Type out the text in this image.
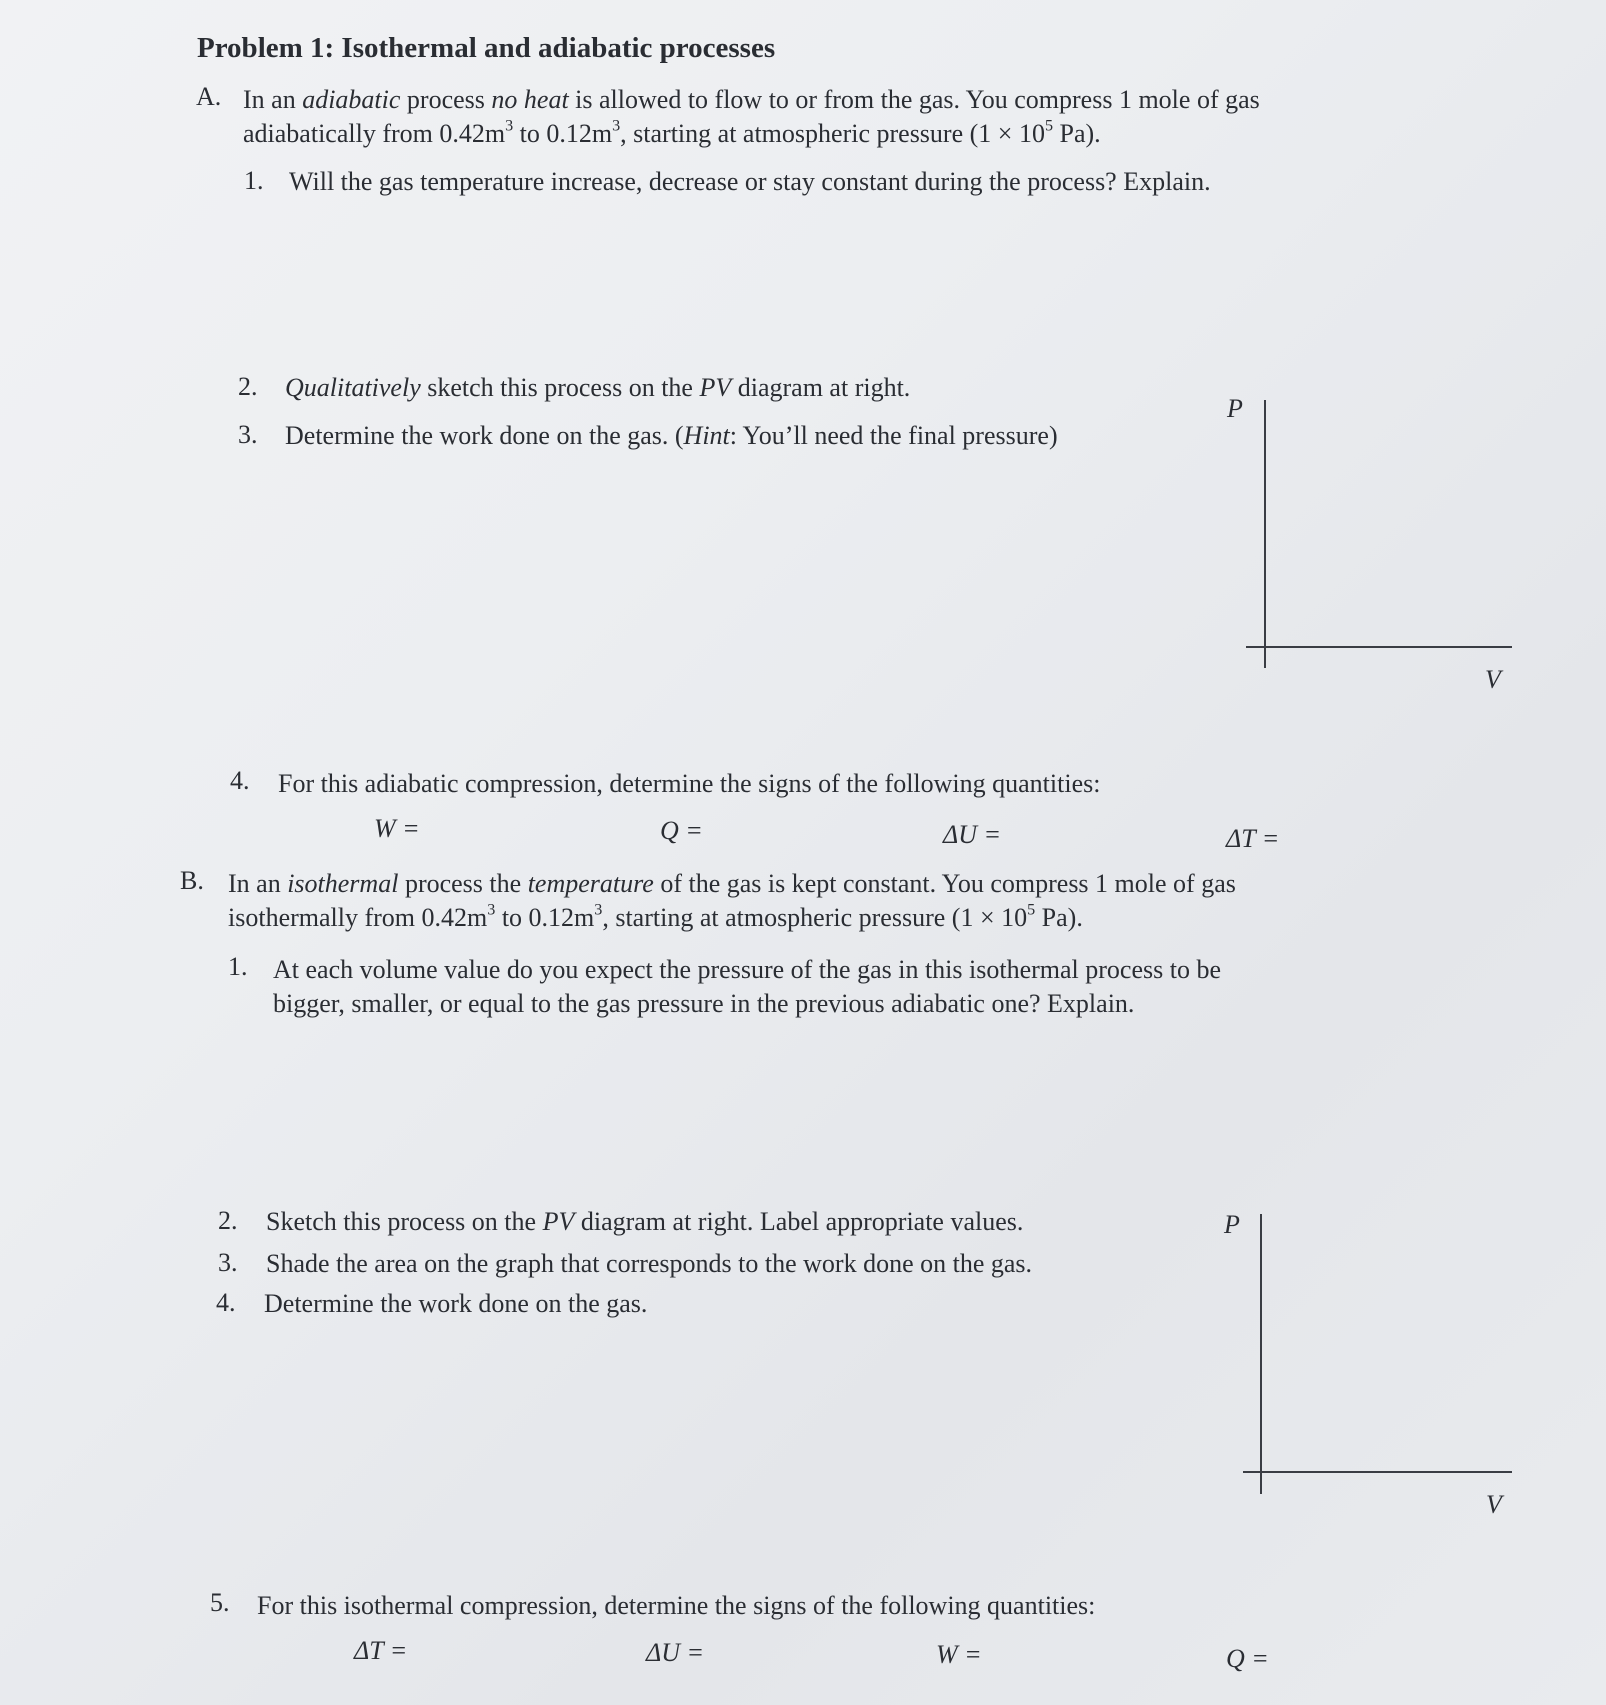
Problem 1: Isothermal and adiabatic processes
A. In an adiabatic process no heat is allowed to flow to or from the gas. You compress 1 mole of gas
adiabatically from $0.42m^3$ to $0.12m^3$, starting at atmospheric pressure ($1 \times 10^5$ Pa).
1. Will the gas temperature increase, decrease or stay constant during the process? Explain.
2. Qualitatively sketch this process on the PV diagram at right.
3. Determine the work done on the gas. (Hint: You’ll need the final pressure)
P
V
4. For this adiabatic compression, determine the signs of the following quantities:
W =	Q =	ΔU =	ΔT =
B. In an isothermal process the temperature of the gas is kept constant. You compress 1 mole of gas
isothermally from $0.42m^3$ to $0.12m^3$, starting at atmospheric pressure ($1 \times 10^5$ Pa).
1. At each volume value do you expect the pressure of the gas in this isothermal process to be
bigger, smaller, or equal to the gas pressure in the previous adiabatic one? Explain.
2. Sketch this process on the PV diagram at right. Label appropriate values.
3. Shade the area on the graph that corresponds to the work done on the gas.
4. Determine the work done on the gas.
P
V
5. For this isothermal compression, determine the signs of the following quantities:
ΔT =	ΔU =	W =	Q =
